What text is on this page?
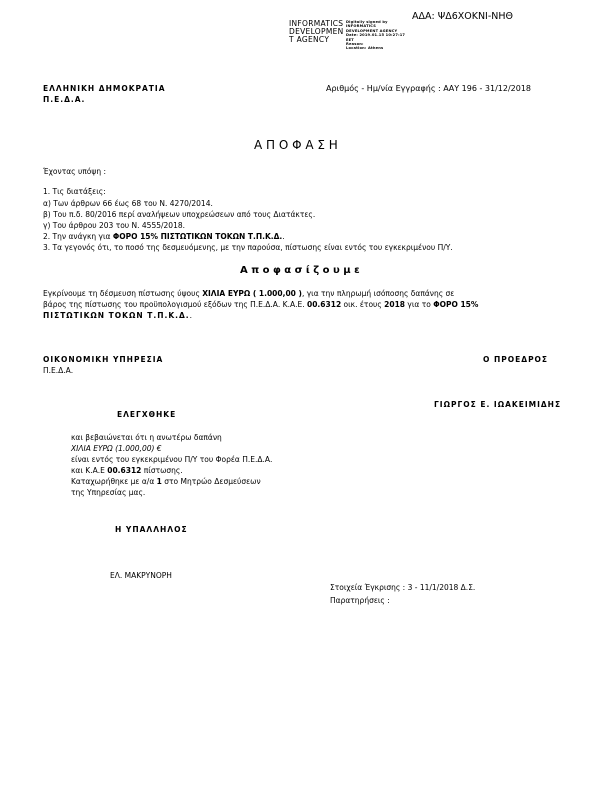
ΑΔΑ: ΨΔ6ΧΟΚΝΙ-ΝΗΘ
INFORMATICS
DEVELOPMEN
T AGENCY
Digitally signed by
INFORMATICS
DEVELOPMENT AGENCY
Date: 2019.01.15 10:27:17
EET
Reason:
Location: Athens
ΕΛΛΗΝΙΚΗ ΔΗΜΟΚΡΑΤΙΑ
Π.Ε.Δ.Α.
Αριθμός - Ημ/νία Εγγραφής : ΑΑΥ 196 - 31/12/2018
Α Π Ο Φ Α Σ Η
Έχοντας υπόψη :
1. Τις διατάξεις:
α) Των άρθρων 66 έως 68 του Ν. 4270/2014.
β) Του π.δ. 80/2016 περί αναλήψεων υποχρεώσεων από τους Διατάκτες.
γ) Του άρθρου 203 του Ν. 4555/2018.
2. Την ανάγκη για ΦΟΡΟ 15% ΠΙΣΤΩΤΙΚΩΝ ΤΟΚΩΝ Τ.Π.Κ.Δ..
3. Τα γεγονός ότι, το ποσό της δεσμευόμενης, με την παρούσα, πίστωσης είναι εντός του εγκεκριμένου Π/Υ.
Α π ο φ α σ ί ζ ο υ μ ε
Εγκρίνουμε τη δέσμευση πίστωσης ύψους ΧΙΛΙΑ ΕΥΡΩ ( 1.000,00 ), για την πληρωμή ισόποσης δαπάνης σε
βάρος της πίστωσης του προϋπολογισμού εξόδων της Π.Ε.Δ.Α. Κ.Α.Ε. 00.6312 οικ. έτους 2018 για το ΦΟΡΟ 15%
ΠΙΣΤΩΤΙΚΩΝ ΤΟΚΩΝ Τ.Π.Κ.Δ..
ΟΙΚΟΝΟΜΙΚΗ ΥΠΗΡΕΣΙΑ
Π.Ε.Δ.Α.
Ο ΠΡΟΕΔΡΟΣ
ΓΙΩΡΓΟΣ Ε. ΙΩΑΚΕΙΜΙΔΗΣ
ΕΛΕΓΧΘΗΚΕ
και βεβαιώνεται ότι η ανωτέρω δαπάνη
ΧΙΛΙΑ ΕΥΡΩ (1.000,00) €
είναι εντός του εγκεκριμένου Π/Υ του Φορέα Π.Ε.Δ.Α.
και Κ.Α.Ε 00.6312 πίστωσης.
Καταχωρήθηκε με α/α 1 στο Μητρώο Δεσμεύσεων
της Υπηρεσίας μας.
Η ΥΠΑΛΛΗΛΟΣ
ΕΛ. ΜΑΚΡΥΝΟΡΗ
Στοιχεία Έγκρισης : 3 - 11/1/2018 Δ.Σ.
Παρατηρήσεις :
